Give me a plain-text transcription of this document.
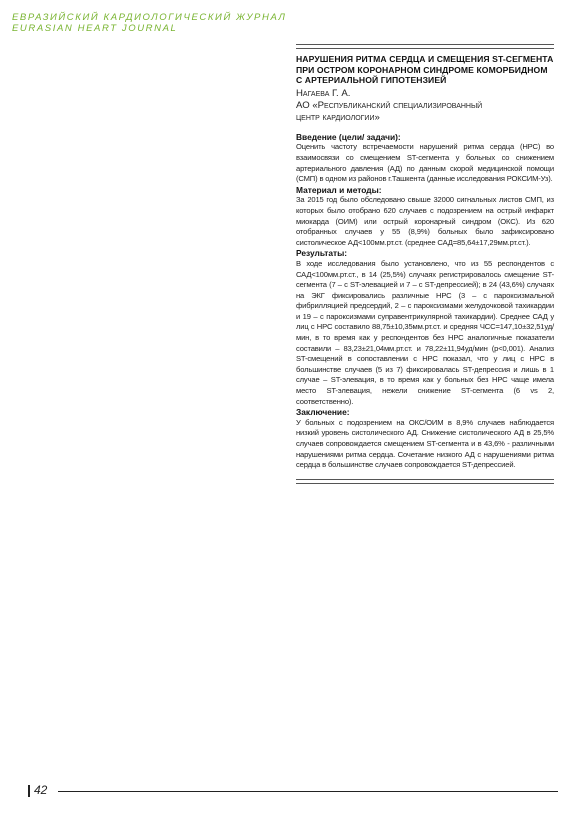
ЕВРАЗИЙСКИЙ КАРДИОЛОГИЧЕСКИЙ ЖУРНАЛ
EURASIAN HEART JOURNAL
НАРУШЕНИЯ РИТМА СЕРДЦА И СМЕЩЕНИЯ ST-СЕГМЕНТА ПРИ ОСТРОМ КОРОНАРНОМ СИНДРОМЕ КОМОРБИДНОМ С АРТЕРИАЛЬНОЙ ГИПОТЕНЗИЕЙ
Нагаева Г. А.
АО «Республиканский специализированный
центр кардиологии»

Введение (цели/ задачи):

Оценить частоту встречаемости нарушений ритма сердца (НРС) во взаимосвязи со смещением ST-сегмента у больных со снижением артериального давления (АД) по данным скорой медицинской помощи (СМП) в одном из районов г.Ташкента (данные исследования РОКСИМ-Уз).

Материал и методы:

За 2015 год было обследовано свыше 32000 сигнальных листов СМП, из которых было отобрано 620 случаев с подозрением на острый инфаркт миокарда (ОИМ) или острый коронарный синдром (ОКС). Из 620 отобранных случаев у 55 (8,9%) больных было зафиксировано систолическое АД<100мм.рт.ст. (среднее САД=85,64±17,29мм.рт.ст.).

Результаты:

В ходе исследования было установлено, что из 55 респондентов с САД<100мм.рт.ст., в 14 (25,5%) случаях регистрировалось смещение ST-сегмента (7 – с ST-элевацией и 7 – с ST-депрессией); в 24 (43,6%) случаях на ЭКГ фиксировались различные НРС (3 – с пароксизмальной фибрилляцией предсердий, 2 – с пароксизмами желудочковой тахикардии и 19 – с пароксизмами суправентрикулярной тахикардии). Среднее САД у лиц с НРС составило 88,75±10,35мм.рт.ст. и средняя ЧСС=147,10±32,51уд/мин, в то время как у респондентов без НРС аналогичные показатели составили – 83,23±21,04мм.рт.ст. и 78,22±11,94уд/мин (р<0,001). Анализ ST-смещений в сопоставлении с НРС показал, что у лиц с НРС в большинстве случаев (5 из 7) фиксировалась ST-депрессия и лишь в 1 случае – ST-элевация, в то время как у больных без НРС чаще имела место ST-элевация, нежели снижение ST-сегмента (6 vs 2, соответственно).

Заключение:

У больных с подозрением на ОКС/ОИМ в 8,9% случаев наблюдается низкий уровень систолического АД. Снижение систолического АД в 25,5% случаев сопровождается смещением ST-сегмента и в 43,6% - различными нарушениями ритма сердца. Сочетание низкого АД с нарушениями ритма сердца в большинстве случаев сопровождается ST-депрессией.

42
